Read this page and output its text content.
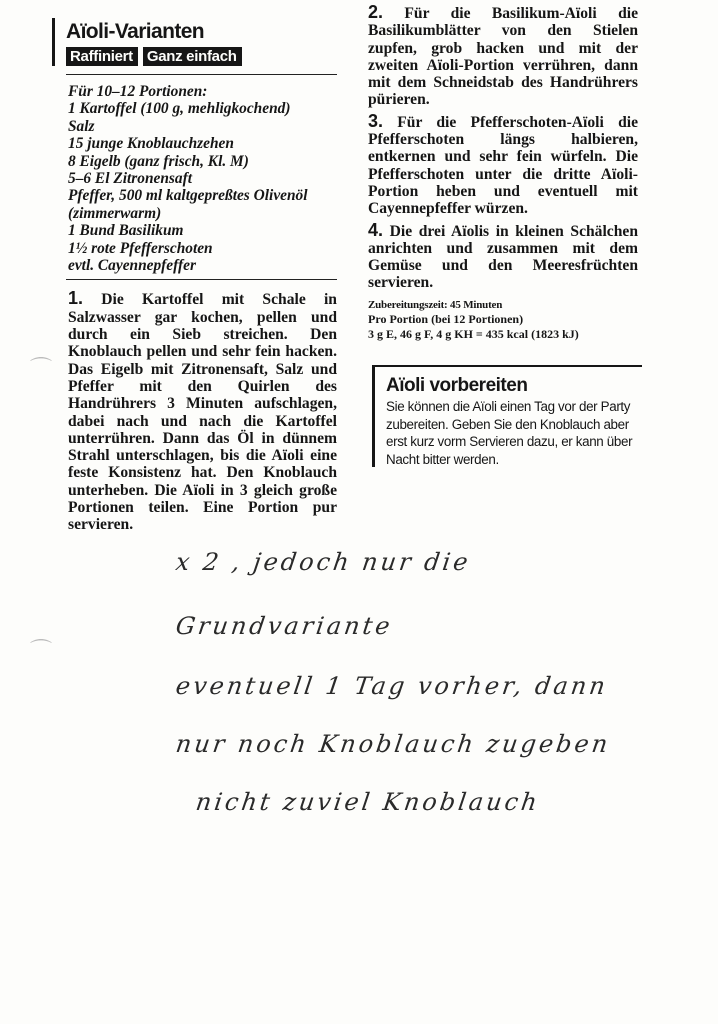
Aïoli-Varianten
Raffiniert Ganz einfach
Für 10–12 Portionen:
1 Kartoffel (100 g, mehligkochend)
Salz
15 junge Knoblauchzehen
8 Eigelb (ganz frisch, Kl. M)
5–6 El Zitronensaft
Pfeffer, 500 ml kaltgepreßtes Olivenöl
(zimmerwarm)
1 Bund Basilikum
1½ rote Pfefferschoten
evtl. Cayennepfeffer
1. Die Kartoffel mit Schale in Salzwasser gar kochen, pellen und durch ein Sieb streichen. Den Knoblauch pellen und sehr fein hacken. Das Eigelb mit Zitronensaft, Salz und Pfeffer mit den Quirlen des Handrührers 3 Minuten aufschlagen, dabei nach und nach die Kartoffel unterrühren. Dann das Öl in dünnem Strahl unterschlagen, bis die Aïoli eine feste Konsistenz hat. Den Knoblauch unterheben. Die Aïoli in 3 gleich große Portionen teilen. Eine Portion pur servieren.
2. Für die Basilikum-Aïoli die Basilikumblätter von den Stielen zupfen, grob hacken und mit der zweiten Aïoli-Portion verrühren, dann mit dem Schneidstab des Handrührers pürieren.
3. Für die Pfefferschoten-Aïoli die Pfefferschoten längs halbieren, entkernen und sehr fein würfeln. Die Pfefferschoten unter die dritte Aïoli-Portion heben und eventuell mit Cayennepfeffer würzen.
4. Die drei Aïolis in kleinen Schälchen anrichten und zusammen mit dem Gemüse und den Meeresfrüchten servieren.
Zubereitungszeit: 45 Minuten
Pro Portion (bei 12 Portionen)
3 g E, 46 g F, 4 g KH = 435 kcal (1823 kJ)
Aïoli vorbereiten
Sie können die Aïoli einen Tag vor der Party zubereiten. Geben Sie den Knoblauch aber erst kurz vorm Servieren dazu, er kann über Nacht bitter werden.
⌒
⌒
x 2 , jedoch nur die
Grundvariante
eventuell 1 Tag vorher, dann
nur noch Knoblauch zugeben
nicht zuviel Knoblauch
